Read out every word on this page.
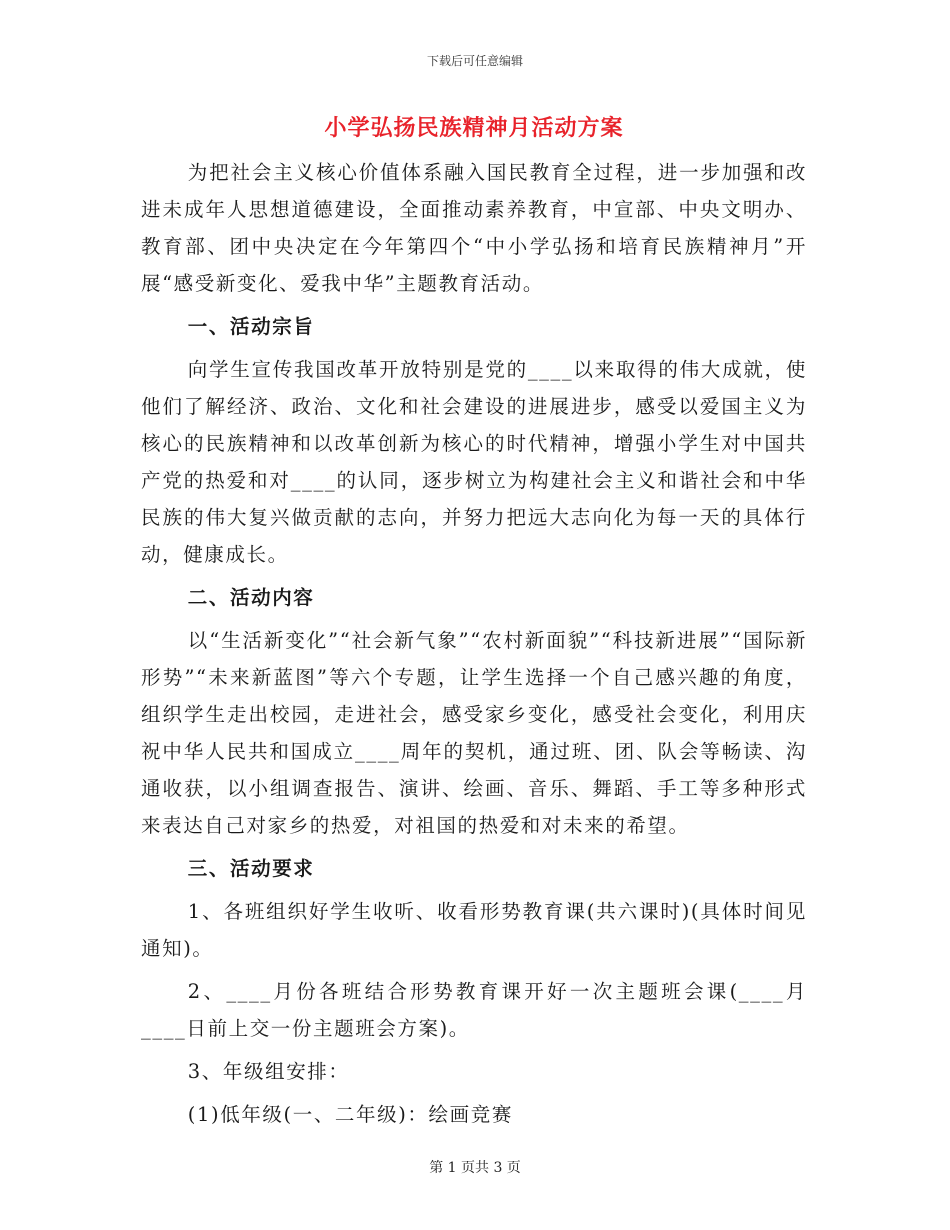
下载后可任意编辑
小学弘扬民族精神月活动方案

为把社会主义核心价值体系融入国民教育全过程，进一步加强和改进未成年人思想道德建设，全面推动素养教育，中宣部、中央文明办、教育部、团中央决定在今年第四个“中小学弘扬和培育民族精神月”开展“感受新变化、爱我中华”主题教育活动。

一、活动宗旨

向学生宣传我国改革开放特别是党的____以来取得的伟大成就，使他们了解经济、政治、文化和社会建设的进展进步，感受以爱国主义为核心的民族精神和以改革创新为核心的时代精神，增强小学生对中国共产党的热爱和对____的认同，逐步树立为构建社会主义和谐社会和中华民族的伟大复兴做贡献的志向，并努力把远大志向化为每一天的具体行动，健康成长。

二、活动内容

以“生活新变化”“社会新气象”“农村新面貌”“科技新进展”“国际新形势”“未来新蓝图”等六个专题，让学生选择一个自己感兴趣的角度，组织学生走出校园，走进社会，感受家乡变化，感受社会变化，利用庆祝中华人民共和国成立____周年的契机，通过班、团、队会等畅读、沟通收获，以小组调查报告、演讲、绘画、音乐、舞蹈、手工等多种形式来表达自己对家乡的热爱，对祖国的热爱和对未来的希望。

三、活动要求

1、各班组织好学生收听、收看形势教育课(共六课时)(具体时间见通知)。

2、____月份各班结合形势教育课开好一次主题班会课(____月____日前上交一份主题班会方案)。

3、年级组安排：

(1)低年级(一、二年级)：绘画竞赛

第 1 页共 3 页
